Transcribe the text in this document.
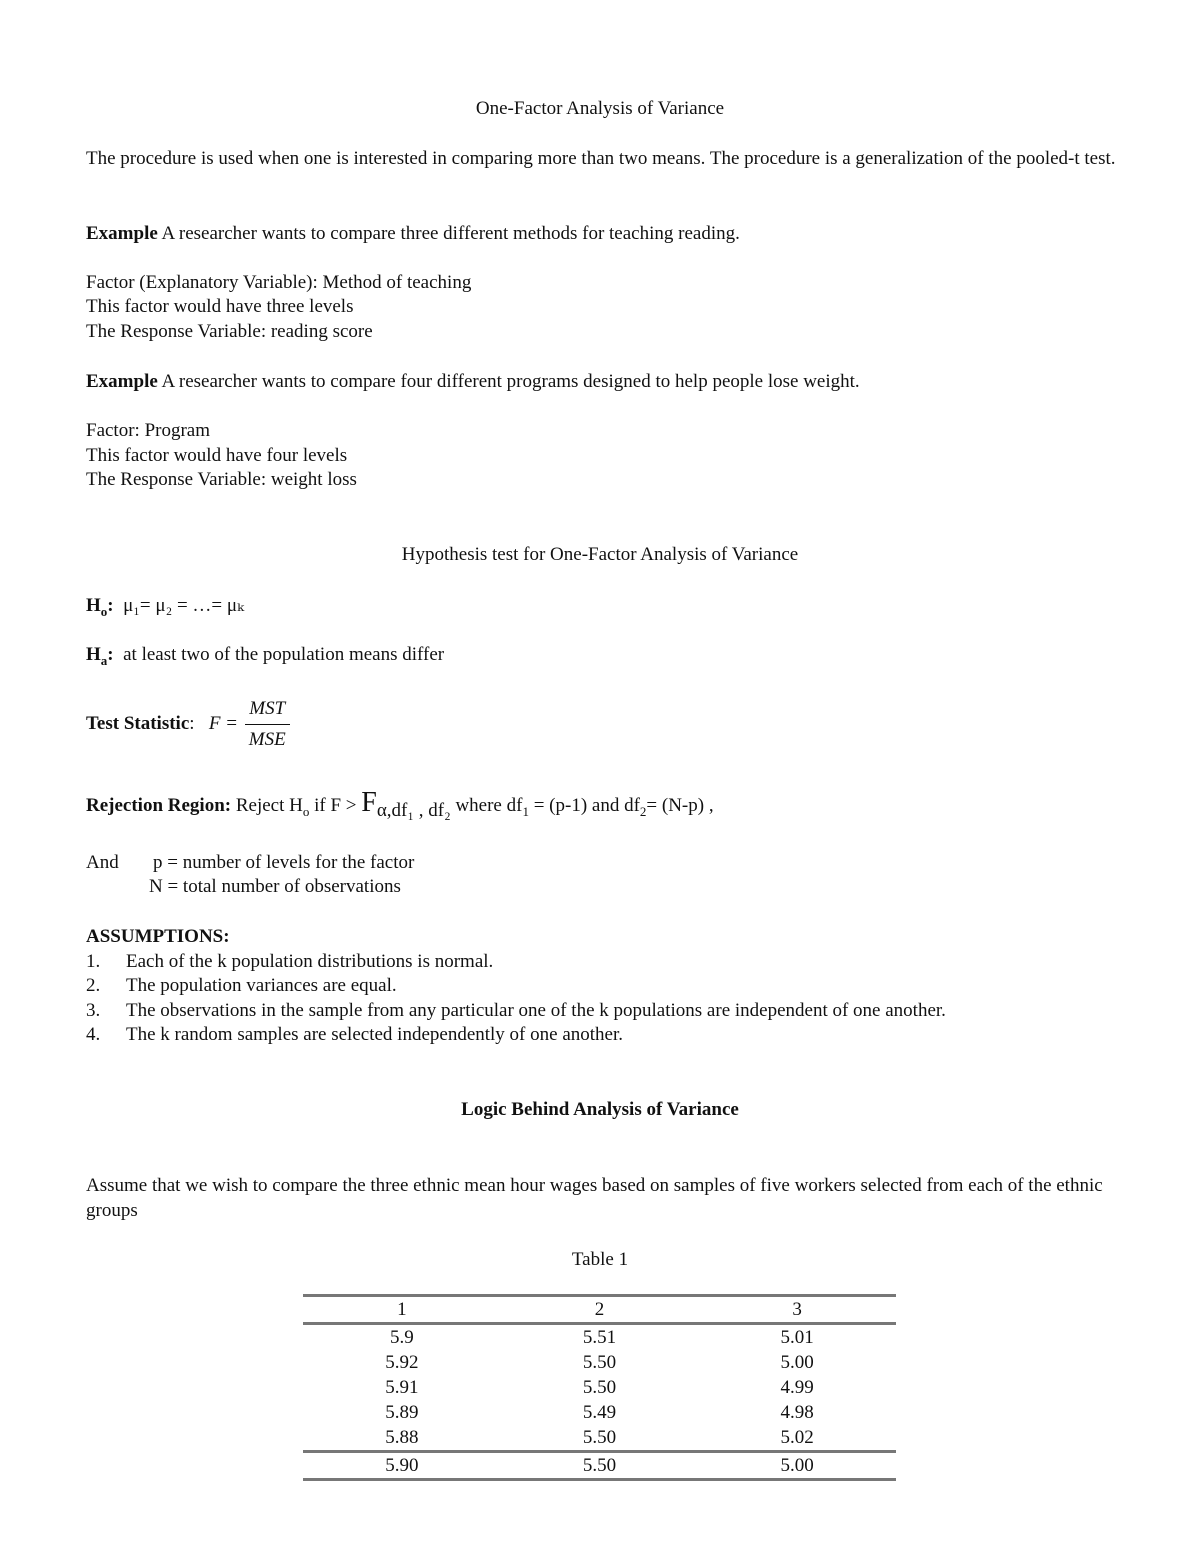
One-Factor Analysis of Variance
The procedure is used when one is interested in comparing more than two means. The procedure is a generalization of the pooled-t test.
Example A researcher wants to compare three different methods for teaching reading.
Factor (Explanatory Variable): Method of teaching
This factor would have three levels
The Response Variable: reading score
Example A researcher wants to compare four different programs designed to help people lose weight.
Factor: Program
This factor would have four levels
The Response Variable: weight loss
Hypothesis test for One-Factor Analysis of Variance
$H_o$: μ₁= μ₂ = …= μₖ
$H_a$: at least two of the population means differ
Test Statistic: $F = \frac{\text{MST}}{\text{MSE}}$
Rejection Region: Reject $H_o$ if $F > F_{\alpha,df_1 , df_2}$ where $df_1 = (p-1)$ and $df_2= (N-p)$ ,
And p = number of levels for the factor
N = total number of observations
ASSUMPTIONS:
1. Each of the k population distributions is normal.
2. The population variances are equal.
3. The observations in the sample from any particular one of the k populations are independent of one another.
4. The k random samples are selected independently of one another.
Logic Behind Analysis of Variance
Assume that we wish to compare the three ethnic mean hour wages based on samples of five workers selected from each of the ethnic groups
Table 1
1	2	3
5.9	5.51	5.01
5.92	5.50	5.00
5.91	5.50	4.99
5.89	5.49	4.98
5.88	5.50	5.02
5.90	5.50	5.00
